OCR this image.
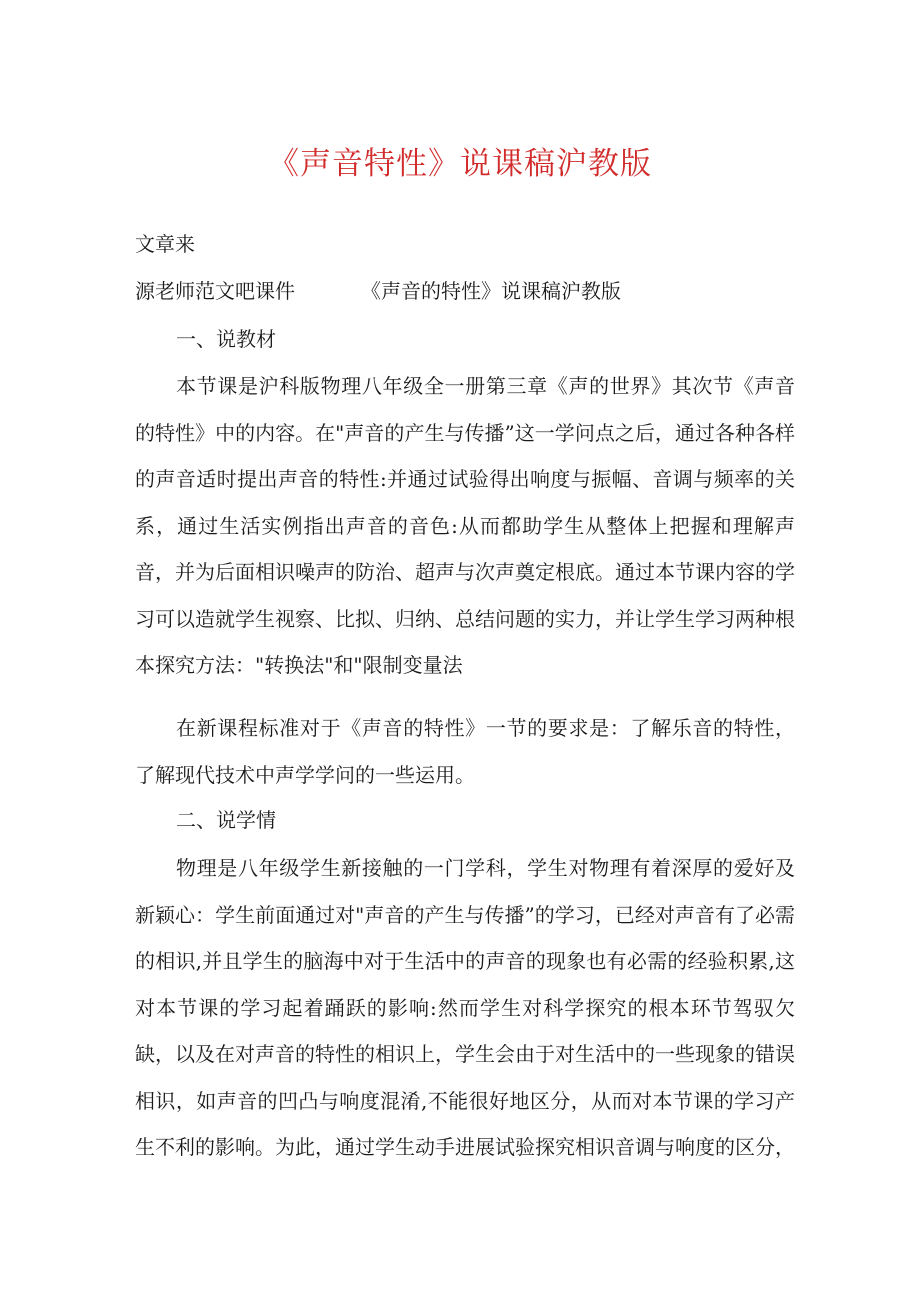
《声音特性》说课稿沪教版

文章来

源老师范文吧课件	《声音的特性》说课稿沪教版

一、说教材

本节课是沪科版物理八年级全一册第三章《声的世界》其次节《声音的特性》中的内容。在"声音的产生与传播”这一学问点之后，通过各种各样的声音适时提出声音的特性:并通过试验得出响度与振幅、音调与频率的关系，通过生活实例指出声音的音色:从而都助学生从整体上把握和理解声音，并为后面相识噪声的防治、超声与次声奠定根底。通过本节课内容的学习可以造就学生视察、比拟、归纳、总结问题的实力，并让学生学习两种根本探究方法："转换法"和"限制变量法

在新课程标准对于《声音的特性》一节的要求是：了解乐音的特性，了解现代技术中声学学问的一些运用。

二、说学情

物理是八年级学生新接触的一门学科，学生对物理有着深厚的爱好及新颖心：学生前面通过对"声音的产生与传播”的学习，已经对声音有了必需的相识,并且学生的脑海中对于生活中的声音的现象也有必需的经验积累,这对本节课的学习起着踊跃的影响:然而学生对科学探究的根本环节驾驭欠缺，以及在对声音的特性的相识上，学生会由于对生活中的一些现象的错误相识，如声音的凹凸与响度混淆,不能很好地区分，从而对本节课的学习产生不利的影响。为此，通过学生动手进展试验探究相识音调与响度的区分，
